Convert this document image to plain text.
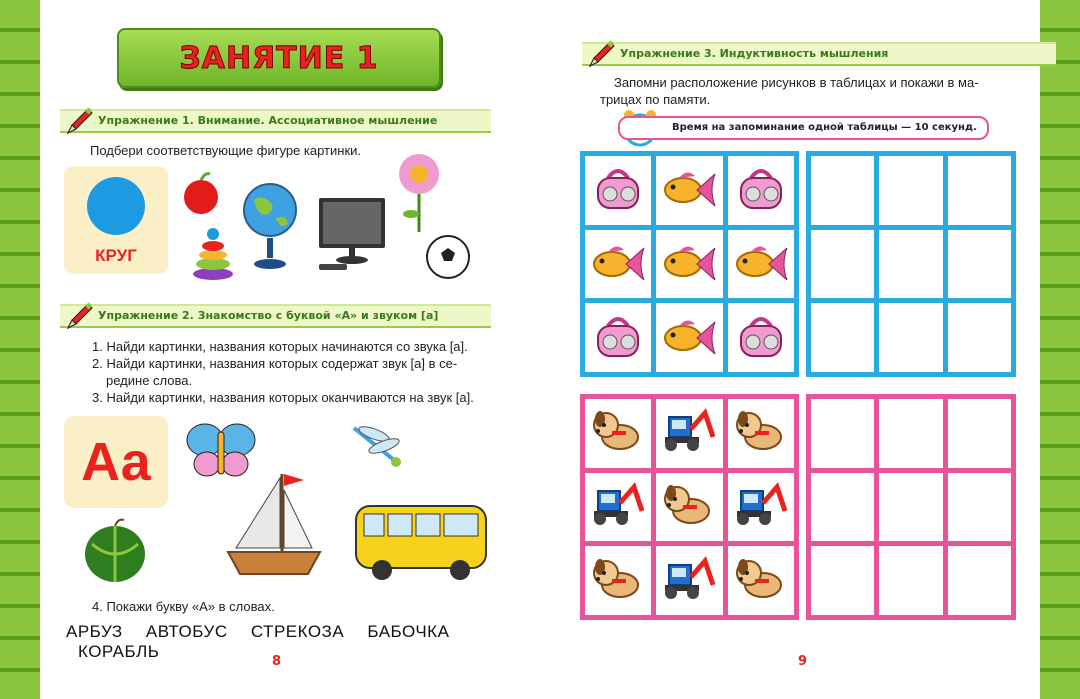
ЗАНЯТИЕ 1
Упражнение 1. Внимание. Ассоциативное мышление
Подбери соответствующие фигуре картинки.
КРУГ
Упражнение 2. Знакомство с буквой «А» и звуком [а]
1. Найди картинки, названия которых начинаются со звука [а].
2. Найди картинки, названия которых содержат звук [а] в се-
редине слова.
3. Найди картинки, названия которых оканчиваются на звук [а].
Аа
4. Покажи букву «А» в словах.
АРБУЗ АВТОБУС СТРЕКОЗА БАБОЧКА КОРАБЛЬ
8
Упражнение 3. Индуктивность мышления
Запомни расположение рисунков в таблицах и покажи в ма-
трицах по памяти.
Время на запоминание одной таблицы — 10 секунд.
9
